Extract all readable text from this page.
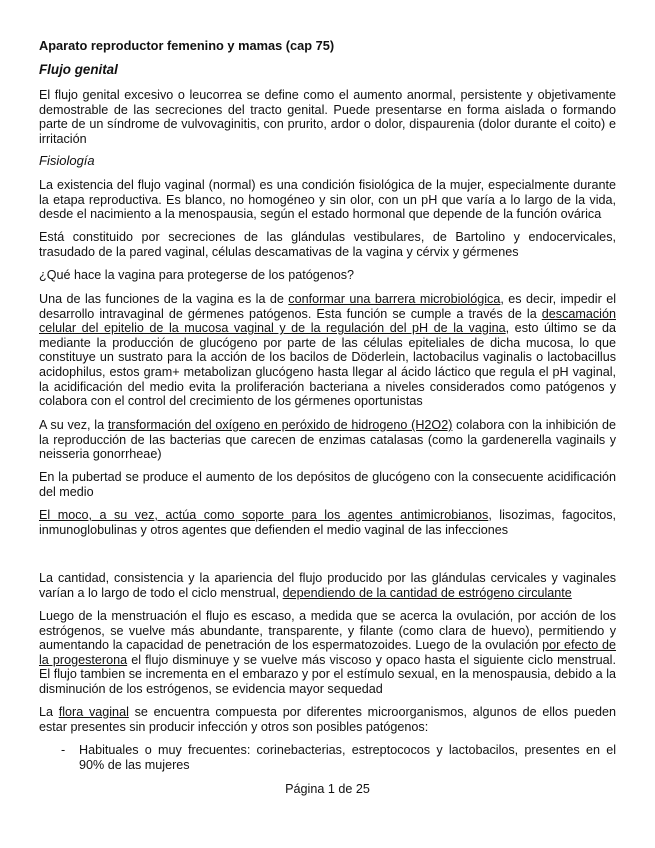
Aparato reproductor femenino y mamas (cap 75)

Flujo genital

El flujo genital excesivo o leucorrea se define como el aumento anormal, persistente y objetivamente demostrable de las secreciones del tracto genital. Puede presentarse en forma aislada o formando parte de un síndrome de vulvovaginitis, con prurito, ardor o dolor, dispaurenia (dolor durante el coito) e irritación

Fisiología

La existencia del flujo vaginal (normal) es una condición fisiológica de la mujer, especialmente durante la etapa reproductiva. Es blanco, no homogéneo y sin olor, con un pH que varía a lo largo de la vida, desde el nacimiento a la menospausia, según el estado hormonal que depende de la función ovárica

Está constituido por secreciones de las glándulas vestibulares, de Bartolino y endocervicales, trasudado de la pared vaginal, células descamativas de la vagina y cérvix y gérmenes

¿Qué hace la vagina para protegerse de los patógenos?

Una de las funciones de la vagina es la de conformar una barrera microbiológica, es decir, impedir el desarrollo intravaginal de gérmenes patógenos. Esta función se cumple a través de la descamación celular del epitelio de la mucosa vaginal y de la regulación del pH de la vagina, esto último se da mediante la producción de glucógeno por parte de las células epiteliales de dicha mucosa, lo que constituye un sustrato para la acción de los bacilos de Döderlein, lactobacilus vaginalis o lactobacillus acidophilus, estos gram+ metabolizan glucógeno hasta llegar al ácido láctico que regula el pH vaginal, la acidificación del medio evita la proliferación bacteriana a niveles considerados como patógenos y colabora con el control del crecimiento de los gérmenes oportunistas

A su vez, la transformación del oxígeno en peróxido de hidrogeno (H2O2) colabora con la inhibición de la reproducción de las bacterias que carecen de enzimas catalasas (como la gardenerella vaginails y neisseria gonorrheae)

En la pubertad se produce el aumento de los depósitos de glucógeno con la consecuente acidificación del medio

El moco, a su vez, actúa como soporte para los agentes antimicrobianos, lisozimas, fagocitos, inmunoglobulinas y otros agentes que defienden el medio vaginal de las infecciones

La cantidad, consistencia y la apariencia del flujo producido por las glándulas cervicales y vaginales varían a lo largo de todo el ciclo menstrual, dependiendo de la cantidad de estrógeno circulante

Luego de la menstruación el flujo es escaso, a medida que se acerca la ovulación, por acción de los estrógenos, se vuelve más abundante, transparente, y filante (como clara de huevo), permitiendo y aumentando la capacidad de penetración de los espermatozoides. Luego de la ovulación por efecto de la progesterona el flujo disminuye y se vuelve más viscoso y opaco hasta el siguiente ciclo menstrual. El flujo tambien se incrementa en el embarazo y por el estímulo sexual, en la menospausia, debido a la disminución de los estrógenos, se evidencia mayor sequedad

La flora vaginal se encuentra compuesta por diferentes microorganismos, algunos de ellos pueden estar presentes sin producir infección y otros son posibles patógenos:

- Habituales o muy frecuentes: corinebacterias, estreptococos y lactobacilos, presentes en el 90% de las mujeres

Página 1 de 25
